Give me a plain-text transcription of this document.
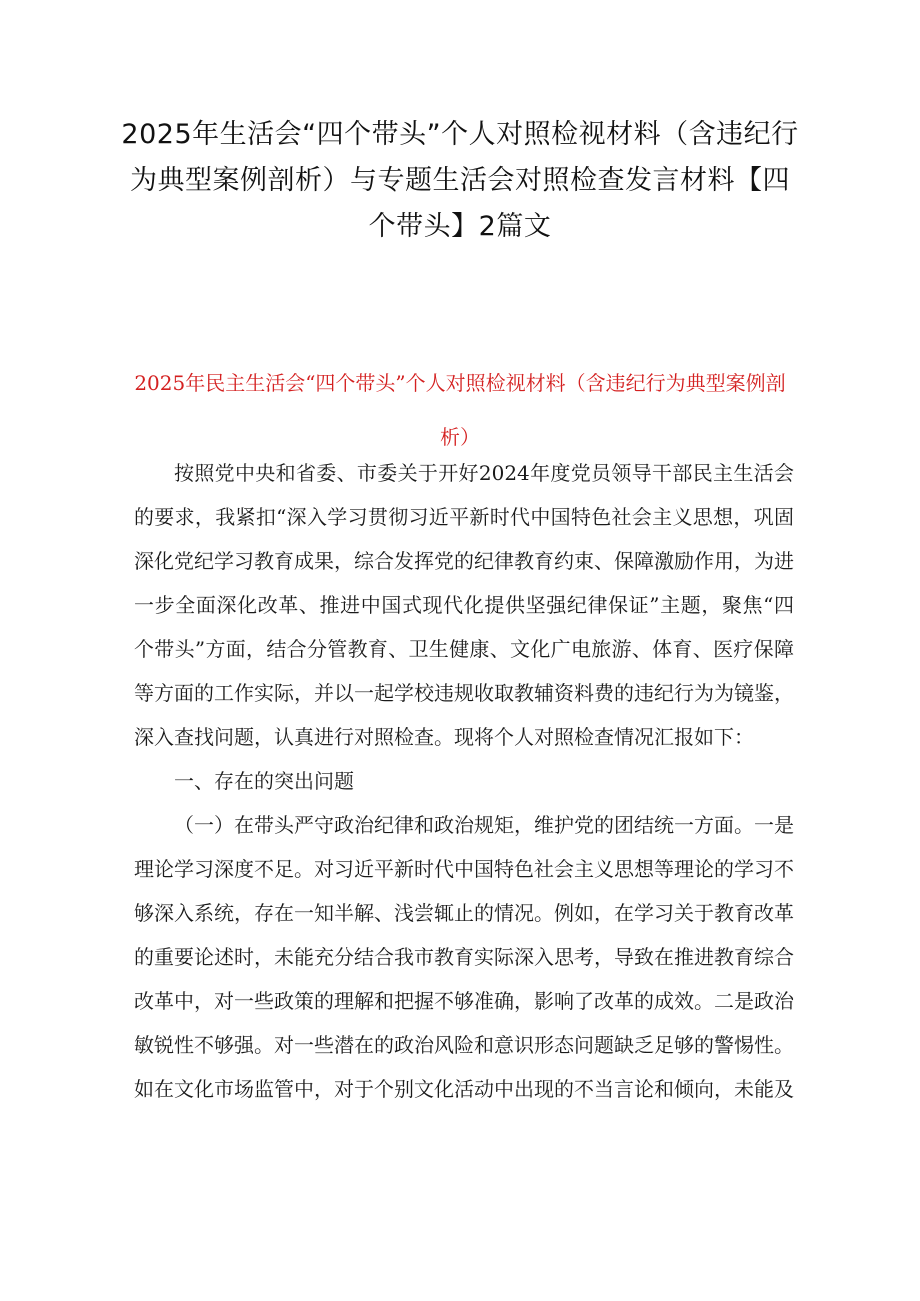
2025年生活会“四个带头”个人对照检视材料（含违纪行为典型案例剖析）与专题生活会对照检查发言材料【四个带头】2篇文
2025年民主生活会“四个带头”个人对照检视材料（含违纪行为典型案例剖析）

按照党中央和省委、市委关于开好2024年度党员领导干部民主生活会的要求，我紧扣“深入学习贯彻习近平新时代中国特色社会主义思想，巩固深化党纪学习教育成果，综合发挥党的纪律教育约束、保障激励作用，为进一步全面深化改革、推进中国式现代化提供坚强纪律保证”主题，聚焦“四个带头”方面，结合分管教育、卫生健康、文化广电旅游、体育、医疗保障等方面的工作实际，并以一起学校违规收取教辅资料费的违纪行为为镜鉴，深入查找问题，认真进行对照检查。现将个人对照检查情况汇报如下：

一、存在的突出问题

（一）在带头严守政治纪律和政治规矩，维护党的团结统一方面。一是理论学习深度不足。对习近平新时代中国特色社会主义思想等理论的学习不够深入系统，存在一知半解、浅尝辄止的情况。例如，在学习关于教育改革的重要论述时，未能充分结合我市教育实际深入思考，导致在推进教育综合改革中，对一些政策的理解和把握不够准确，影响了改革的成效。二是政治敏锐性不够强。对一些潜在的政治风险和意识形态问题缺乏足够的警惕性。如在文化市场监管中，对于个别文化活动中出现的不当言论和倾向，未能及
